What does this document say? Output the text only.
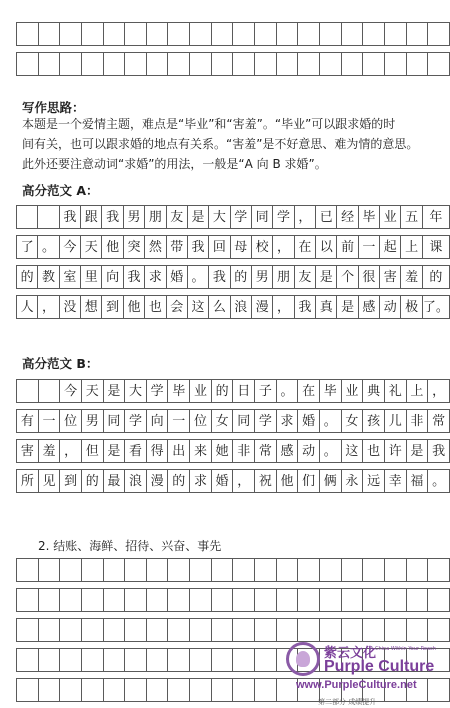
写作思路：
本题是一个爱情主题，难点是“毕业”和“害羞”。“毕业”可以跟求婚的时
间有关，也可以跟求婚的地点有关系。“害羞”是不好意思、难为情的意思。
此外还要注意动词“求婚”的用法，一般是“A 向 B 求婚”。
高分范文 A：
		我	跟	我	男	朋	友	是	大	学	同	学	，	已	经	毕	业	五	年

了	。	今	天	他	突	然	带	我	回	母	校	，	在	以	前	一	起	上	课

的	教	室	里	向	我	求	婚	。	我	的	男	朋	友	是	个	很	害	羞	的

人	，	没	想	到	他	也	会	这	么	浪	漫	，	我	真	是	感	动	极	了。
高分范文 B：
		今	天	是	大	学	毕	业	的	日	子	。	在	毕	业	典	礼	上	，

有	一	位	男	同	学	向	一	位	女	同	学	求	婚	。	女	孩	儿	非	常

害	羞	，	但	是	看	得	出	来	她	非	常	感	动	。	这	也	许	是	我

所	见	到	的	最	浪	漫	的	求	婚	，	祝	他	们	俩	永	远	幸	福	。
2. 结账、海鲜、招待、兴奋、事先

紫云文化
A China Within Your Reach
Purple Culture
www.PurpleCulture.net
第二部分 成绩提升
